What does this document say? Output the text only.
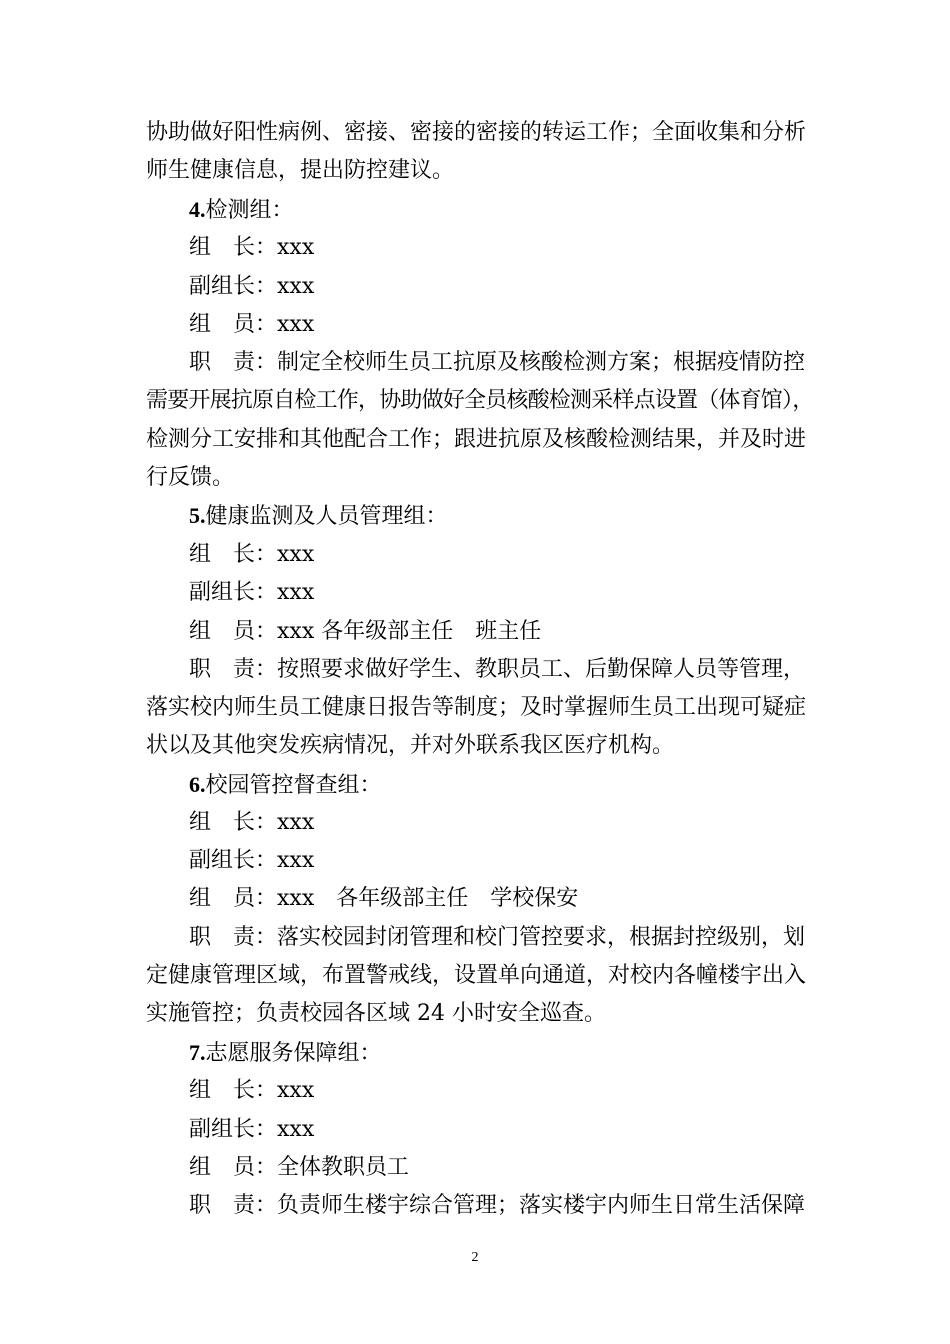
协助做好阳性病例、密接、密接的密接的转运工作；全面收集和分析
师生健康信息，提出防控建议。
4.检测组：
组　长：xxx
副组长：xxx
组　员：xxx
职　责：制定全校师生员工抗原及核酸检测方案；根据疫情防控
需要开展抗原自检工作，协助做好全员核酸检测采样点设置（体育馆），
检测分工安排和其他配合工作；跟进抗原及核酸检测结果，并及时进
行反馈。
5.健康监测及人员管理组：
组　长：xxx
副组长：xxx
组　员：xxx 各年级部主任　班主任
职　责：按照要求做好学生、教职员工、后勤保障人员等管理，
落实校内师生员工健康日报告等制度；及时掌握师生员工出现可疑症
状以及其他突发疾病情况，并对外联系我区医疗机构。
6.校园管控督查组：
组　长：xxx
副组长：xxx
组　员：xxx　各年级部主任　学校保安
职　责：落实校园封闭管理和校门管控要求，根据封控级别，划
定健康管理区域，布置警戒线，设置单向通道，对校内各幢楼宇出入
实施管控；负责校园各区域 24 小时安全巡查。
7.志愿服务保障组：
组　长：xxx
副组长：xxx
组　员：全体教职员工
职　责：负责师生楼宇综合管理；落实楼宇内师生日常生活保障
2
